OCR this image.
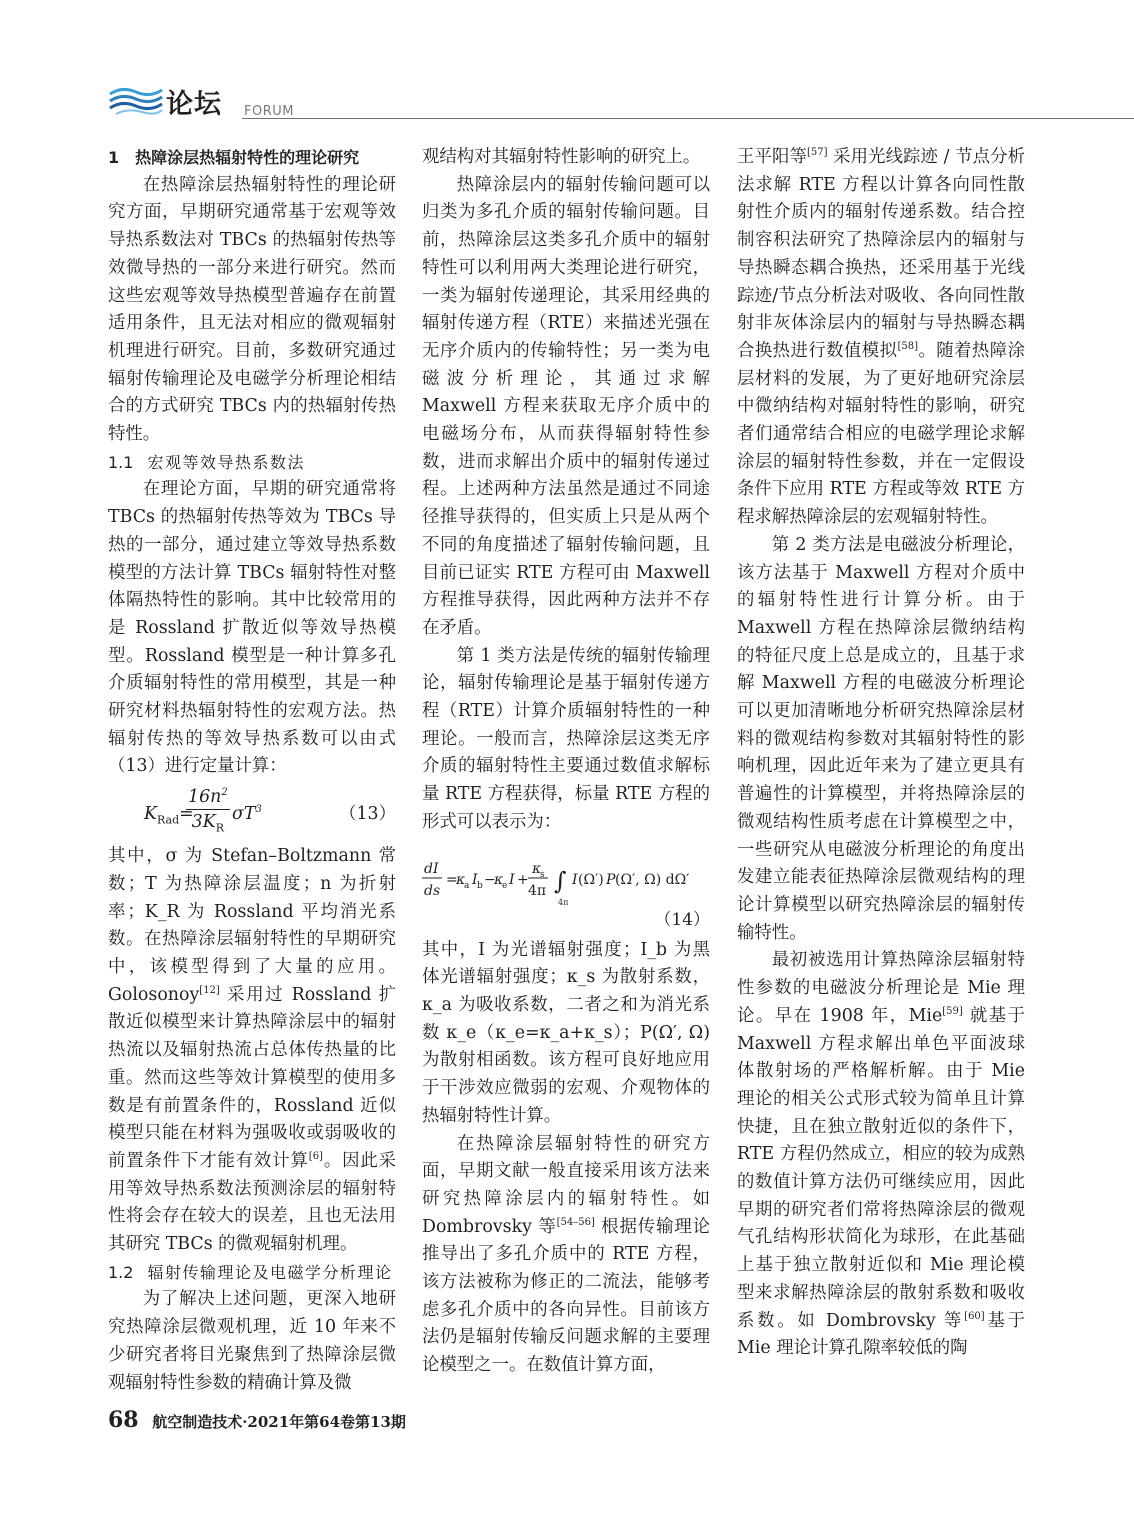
论坛 FORUM

1　热障涂层热辐射特性的理论研究

在热障涂层热辐射特性的理论研究方面，早期研究通常基于宏观等效导热系数法对 TBCs 的热辐射传热等效微导热的一部分来进行研究。然而这些宏观等效导热模型普遍存在前置适用条件，且无法对相应的微观辐射机理进行研究。目前，多数研究通过辐射传输理论及电磁学分析理论相结合的方式研究 TBCs 内的热辐射传热特性。

1.1 宏观等效导热系数法

在理论方面，早期的研究通常将 TBCs 的热辐射传热等效为 TBCs 导热的一部分，通过建立等效导热系数模型的方法计算 TBCs 辐射特性对整体隔热特性的影响。其中比较常用的是 Rossland 扩散近似等效导热模型。Rossland 模型是一种计算多孔介质辐射特性的常用模型，其是一种研究材料热辐射特性的宏观方法。热辐射传热的等效导热系数可以由式（13）进行定量计算：

$K_{Rad}=$
$\frac{16n^2}{3K_R} \sigma T^3$	（13）

其中，σ 为 Stefan–Boltzmann 常数；T 为热障涂层温度；n 为折射率；K_R 为 Rossland 平均消光系数。在热障涂层辐射特性的早期研究中，该模型得到了大量的应用。Golosonoy[12] 采用过 Rossland 扩散近似模型来计算热障涂层中的辐射热流以及辐射热流占总体传热量的比重。然而这些等效计算模型的使用多数是有前置条件的，Rossland 近似模型只能在材料为强吸收或弱吸收的前置条件下才能有效计算[6]。因此采用等效导热系数法预测涂层的辐射特性将会存在较大的误差，且也无法用其研究 TBCs 的微观辐射机理。

1.2 辐射传输理论及电磁学分析理论

为了解决上述问题，更深入地研究热障涂层微观机理，近 10 年来不少研究者将目光聚焦到了热障涂层微观辐射特性参数的精确计算及微

观结构对其辐射特性影响的研究上。

热障涂层内的辐射传输问题可以归类为多孔介质的辐射传输问题。目前，热障涂层这类多孔介质中的辐射特性可以利用两大类理论进行研究，一类为辐射传递理论，其采用经典的辐射传递方程（RTE）来描述光强在无序介质内的传输特性；另一类为电磁波分析理论，其通过求解 Maxwell 方程来获取无序介质中的电磁场分布，从而获得辐射特性参数，进而求解出介质中的辐射传递过程。上述两种方法虽然是通过不同途径推导获得的，但实质上只是从两个不同的角度描述了辐射传输问题，且目前已证实 RTE 方程可由 Maxwell 方程推导获得，因此两种方法并不存在矛盾。

第 1 类方法是传统的辐射传输理论，辐射传输理论是基于辐射传递方程（RTE）计算介质辐射特性的一种理论。一般而言，热障涂层这类无序介质的辐射特性主要通过数值求解标量 RTE 方程获得，标量 RTE 方程的形式可以表示为：

dI
ds
=
κ
a I b −
κ
e I +
κ
s
4π ∫
4π
I (Ω′) P (Ω′, Ω) dΩ′
（14）

其中，I 为光谱辐射强度；I_b 为黑体光谱辐射强度；κ_s 为散射系数，κ_a 为吸收系数，二者之和为消光系数 κ_e（κ_e=κ_a+κ_s）；P(Ω′, Ω) 为散射相函数。该方程可良好地应用于干涉效应微弱的宏观、介观物体的热辐射特性计算。

在热障涂层辐射特性的研究方面，早期文献一般直接采用该方法来研究热障涂层内的辐射特性。如 Dombrovsky 等[54–56] 根据传输理论推导出了多孔介质中的 RTE 方程，该方法被称为修正的二流法，能够考虑多孔介质中的各向异性。目前该方法仍是辐射传输反问题求解的主要理论模型之一。在数值计算方面，

王平阳等[57] 采用光线踪迹 / 节点分析法求解 RTE 方程以计算各向同性散射性介质内的辐射传递系数。结合控制容积法研究了热障涂层内的辐射与导热瞬态耦合换热，还采用基于光线踪迹/节点分析法对吸收、各向同性散射非灰体涂层内的辐射与导热瞬态耦合换热进行数值模拟[58]。随着热障涂层材料的发展，为了更好地研究涂层中微纳结构对辐射特性的影响，研究者们通常结合相应的电磁学理论求解涂层的辐射特性参数，并在一定假设条件下应用 RTE 方程或等效 RTE 方程求解热障涂层的宏观辐射特性。

第 2 类方法是电磁波分析理论，该方法基于 Maxwell 方程对介质中的辐射特性进行计算分析。由于 Maxwell 方程在热障涂层微纳结构的特征尺度上总是成立的，且基于求解 Maxwell 方程的电磁波分析理论可以更加清晰地分析研究热障涂层材料的微观结构参数对其辐射特性的影响机理，因此近年来为了建立更具有普遍性的计算模型，并将热障涂层的微观结构性质考虑在计算模型之中，一些研究从电磁波分析理论的角度出发建立能表征热障涂层微观结构的理论计算模型以研究热障涂层的辐射传输特性。

最初被选用计算热障涂层辐射特性参数的电磁波分析理论是 Mie 理论。早在 1908 年，Mie[59] 就基于 Maxwell 方程求解出单色平面波球体散射场的严格解析解。由于 Mie 理论的相关公式形式较为简单且计算快捷，且在独立散射近似的条件下，RTE 方程仍然成立，相应的较为成熟的数值计算方法仍可继续应用，因此早期的研究者们常将热障涂层的微观气孔结构形状简化为球形，在此基础上基于独立散射近似和 Mie 理论模型来求解热障涂层的散射系数和吸收系数。如 Dombrovsky 等[60]基于 Mie 理论计算孔隙率较低的陶

68 航空制造技术·2021年第64卷第13期
